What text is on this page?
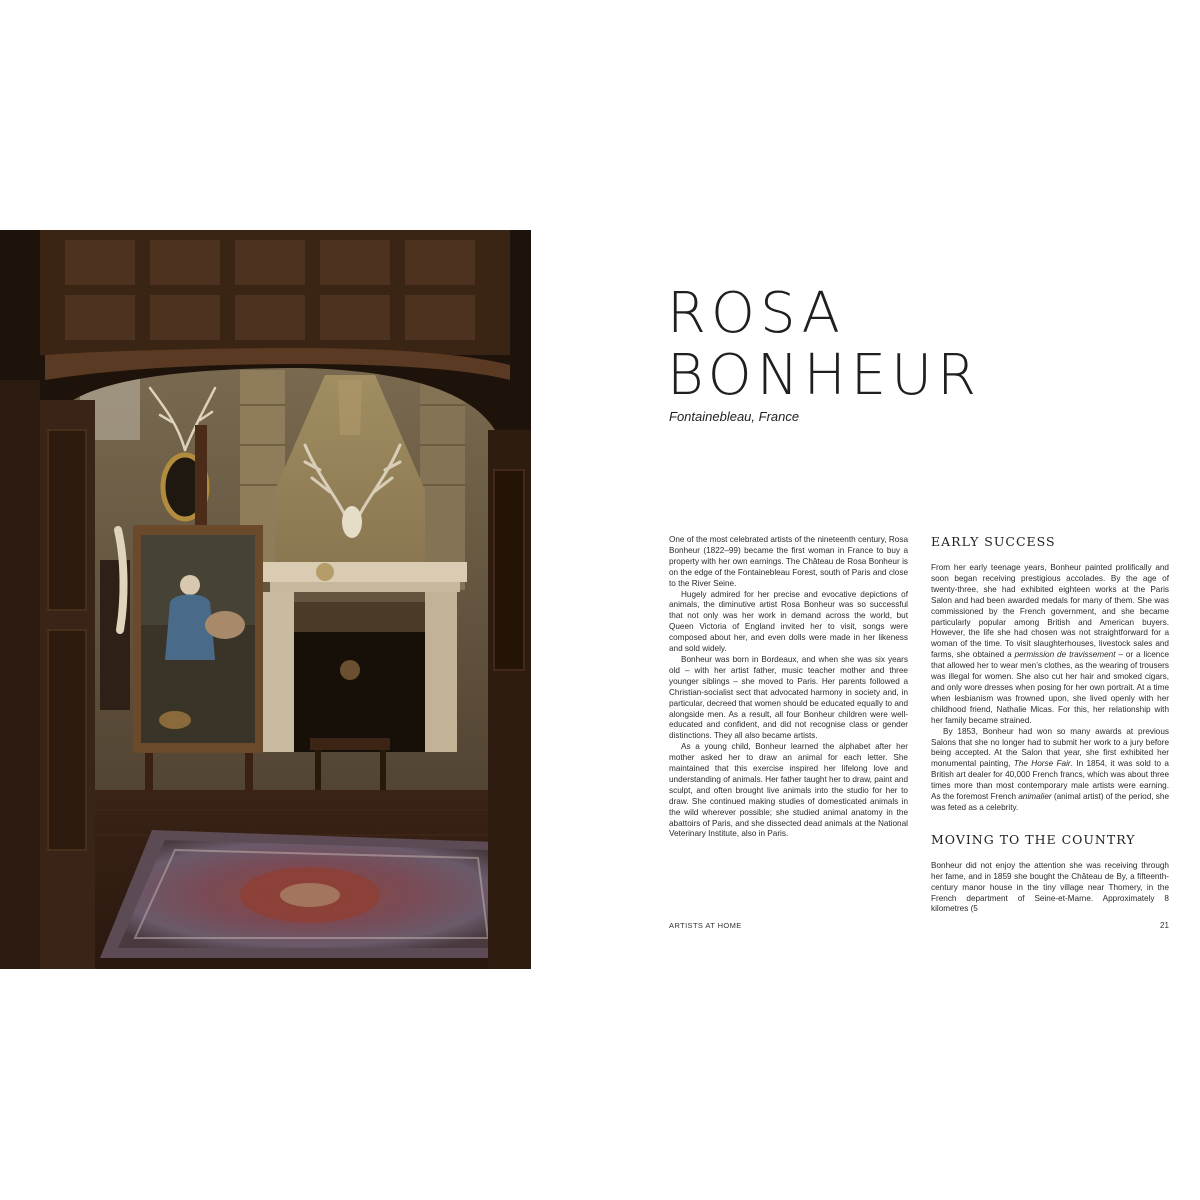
ROSA
BONHEUR

Fontainebleau, France

One of the most celebrated artists of the nineteenth century, Rosa Bonheur (1822–99) became the first woman in France to buy a property with her own earnings. The Château de Rosa Bonheur is on the edge of the Fontainebleau Forest, south of Paris and close to the River Seine.

Hugely admired for her precise and evocative depictions of animals, the diminutive artist Rosa Bonheur was so successful that not only was her work in demand across the world, but Queen Victoria of England invited her to visit, songs were composed about her, and even dolls were made in her likeness and sold widely.

Bonheur was born in Bordeaux, and when she was six years old – with her artist father, music teacher mother and three younger siblings – she moved to Paris. Her parents followed a Christian-socialist sect that advocated harmony in society and, in particular, decreed that women should be educated equally to and alongside men. As a result, all four Bonheur children were well-educated and confident, and did not recognise class or gender distinctions. They all also became artists.

As a young child, Bonheur learned the alphabet after her mother asked her to draw an animal for each letter. She maintained that this exercise inspired her lifelong love and understanding of animals. Her father taught her to draw, paint and sculpt, and often brought live animals into the studio for her to draw. She continued making studies of domesticated animals in the wild wherever possible; she studied animal anatomy in the abattoirs of Paris, and she dissected dead animals at the National Veterinary Institute, also in Paris.

EARLY SUCCESS

From her early teenage years, Bonheur painted prolifically and soon began receiving prestigious accolades. By the age of twenty-three, she had exhibited eighteen works at the Paris Salon and had been awarded medals for many of them. She was commissioned by the French government, and she became particularly popular among British and American buyers. However, the life she had chosen was not straightforward for a woman of the time. To visit slaughterhouses, livestock sales and farms, she obtained a permission de travissement – or a licence that allowed her to wear men’s clothes, as the wearing of trousers was illegal for women. She also cut her hair and smoked cigars, and only wore dresses when posing for her own portrait. At a time when lesbianism was frowned upon, she lived openly with her childhood friend, Nathalie Micas. For this, her relationship with her family became strained.

By 1853, Bonheur had won so many awards at previous Salons that she no longer had to submit her work to a jury before being accepted. At the Salon that year, she first exhibited her monumental painting, The Horse Fair. In 1854, it was sold to a British art dealer for 40,000 French francs, which was about three times more than most contemporary male artists were earning. As the foremost French animalier (animal artist) of the period, she was feted as a celebrity.

MOVING TO THE COUNTRY

Bonheur did not enjoy the attention she was receiving through her fame, and in 1859 she bought the Château de By, a fifteenth-century manor house in the tiny village near Thomery, in the French department of Seine-et-Marne. Approximately 8 kilometres (5

ARTISTS AT HOME	21
